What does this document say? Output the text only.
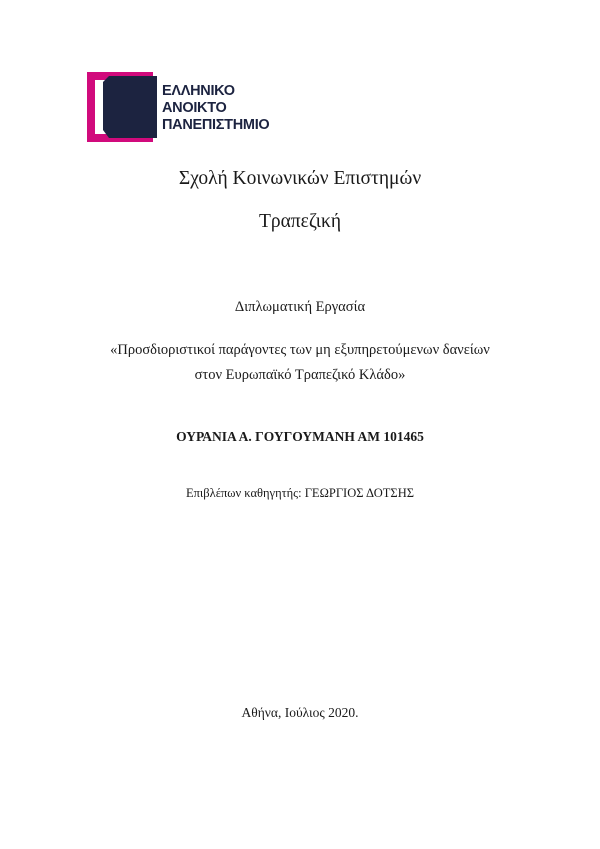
ΕΛΛΗΝΙΚΟ
ΑΝΟΙΚΤΟ
ΠΑΝΕΠΙΣΤΗΜΙΟ
Σχολή Κοινωνικών Επιστημών
Τραπεζική
Διπλωματική Εργασία
«Προσδιοριστικοί παράγοντες των μη εξυπηρετούμενων δανείων
στον Ευρωπαϊκό Τραπεζικό Κλάδο»
ΟΥΡΑΝΙΑ Α. ΓΟΥΓΟΥΜΑΝΗ ΑΜ 101465
Επιβλέπων καθηγητής: ΓΕΩΡΓΙΟΣ ΔΟΤΣΗΣ
Αθήνα, Ιούλιος 2020.
